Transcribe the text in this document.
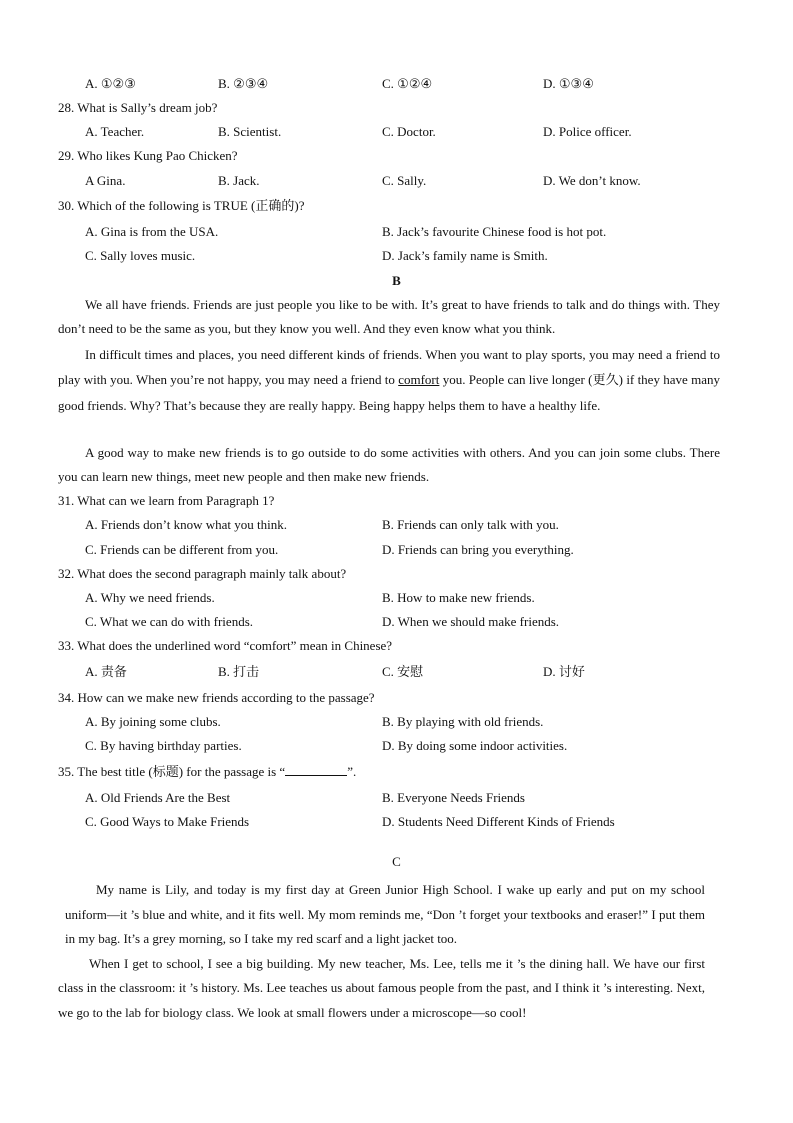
A. ①②③	B. ②③④	C. ①②④	D. ①③④
28. What is Sally’s dream job?
A. Teacher.	B. Scientist.	C. Doctor.	D. Police officer.
29. Who likes Kung Pao Chicken?
A Gina.	B. Jack.	C. Sally.	D. We don’t know.
30. Which of the following is TRUE (正确的)?
A. Gina is from the USA.	B. Jack’s favourite Chinese food is hot pot.
C. Sally loves music.	D. Jack’s family name is Smith.
B
We all have friends. Friends are just people you like to be with. It’s great to have friends to talk and do things with. They don’t need to be the same as you, but they know you well. And they even know what you think.
In difficult times and places, you need different kinds of friends. When you want to play sports, you may need a friend to play with you. When you’re not happy, you may need a friend to comfort you. People can live longer (更久) if they have many good friends. Why? That’s because they are really happy. Being happy helps them to have a healthy life.
A good way to make new friends is to go outside to do some activities with others. And you can join some clubs. There you can learn new things, meet new people and then make new friends.
31. What can we learn from Paragraph 1?
A. Friends don’t know what you think.	B. Friends can only talk with you.
C. Friends can be different from you.	D. Friends can bring you everything.
32. What does the second paragraph mainly talk about?
A. Why we need friends.	B. How to make new friends.
C. What we can do with friends.	D. When we should make friends.
33. What does the underlined word “comfort” mean in Chinese?
A. 责备	B. 打击	C. 安慰	D. 讨好
34. How can we make new friends according to the passage?
A. By joining some clubs.	B. By playing with old friends.
C. By having birthday parties.	D. By doing some indoor activities.
35. The best title (标题) for the passage is “	”.
A. Old Friends Are the Best	B. Everyone Needs Friends
C. Good Ways to Make Friends	D. Students Need Different Kinds of Friends
C
My name is Lily, and today is my first day at Green Junior High School. I wake up early and put on my school uniform—it ’s blue and white, and it fits well. My mom reminds me, “Don ’t forget your textbooks and eraser!” I put them in my bag. It’s a grey morning, so I take my red scarf and a light jacket too.
When I get to school, I see a big building. My new teacher, Ms. Lee, tells me it ’s the dining hall. We have our first class in the classroom: it ’s history. Ms. Lee teaches us about famous people from the past, and I think it ’s interesting. Next, we go to the lab for biology class. We look at small flowers under a microscope—so cool!
